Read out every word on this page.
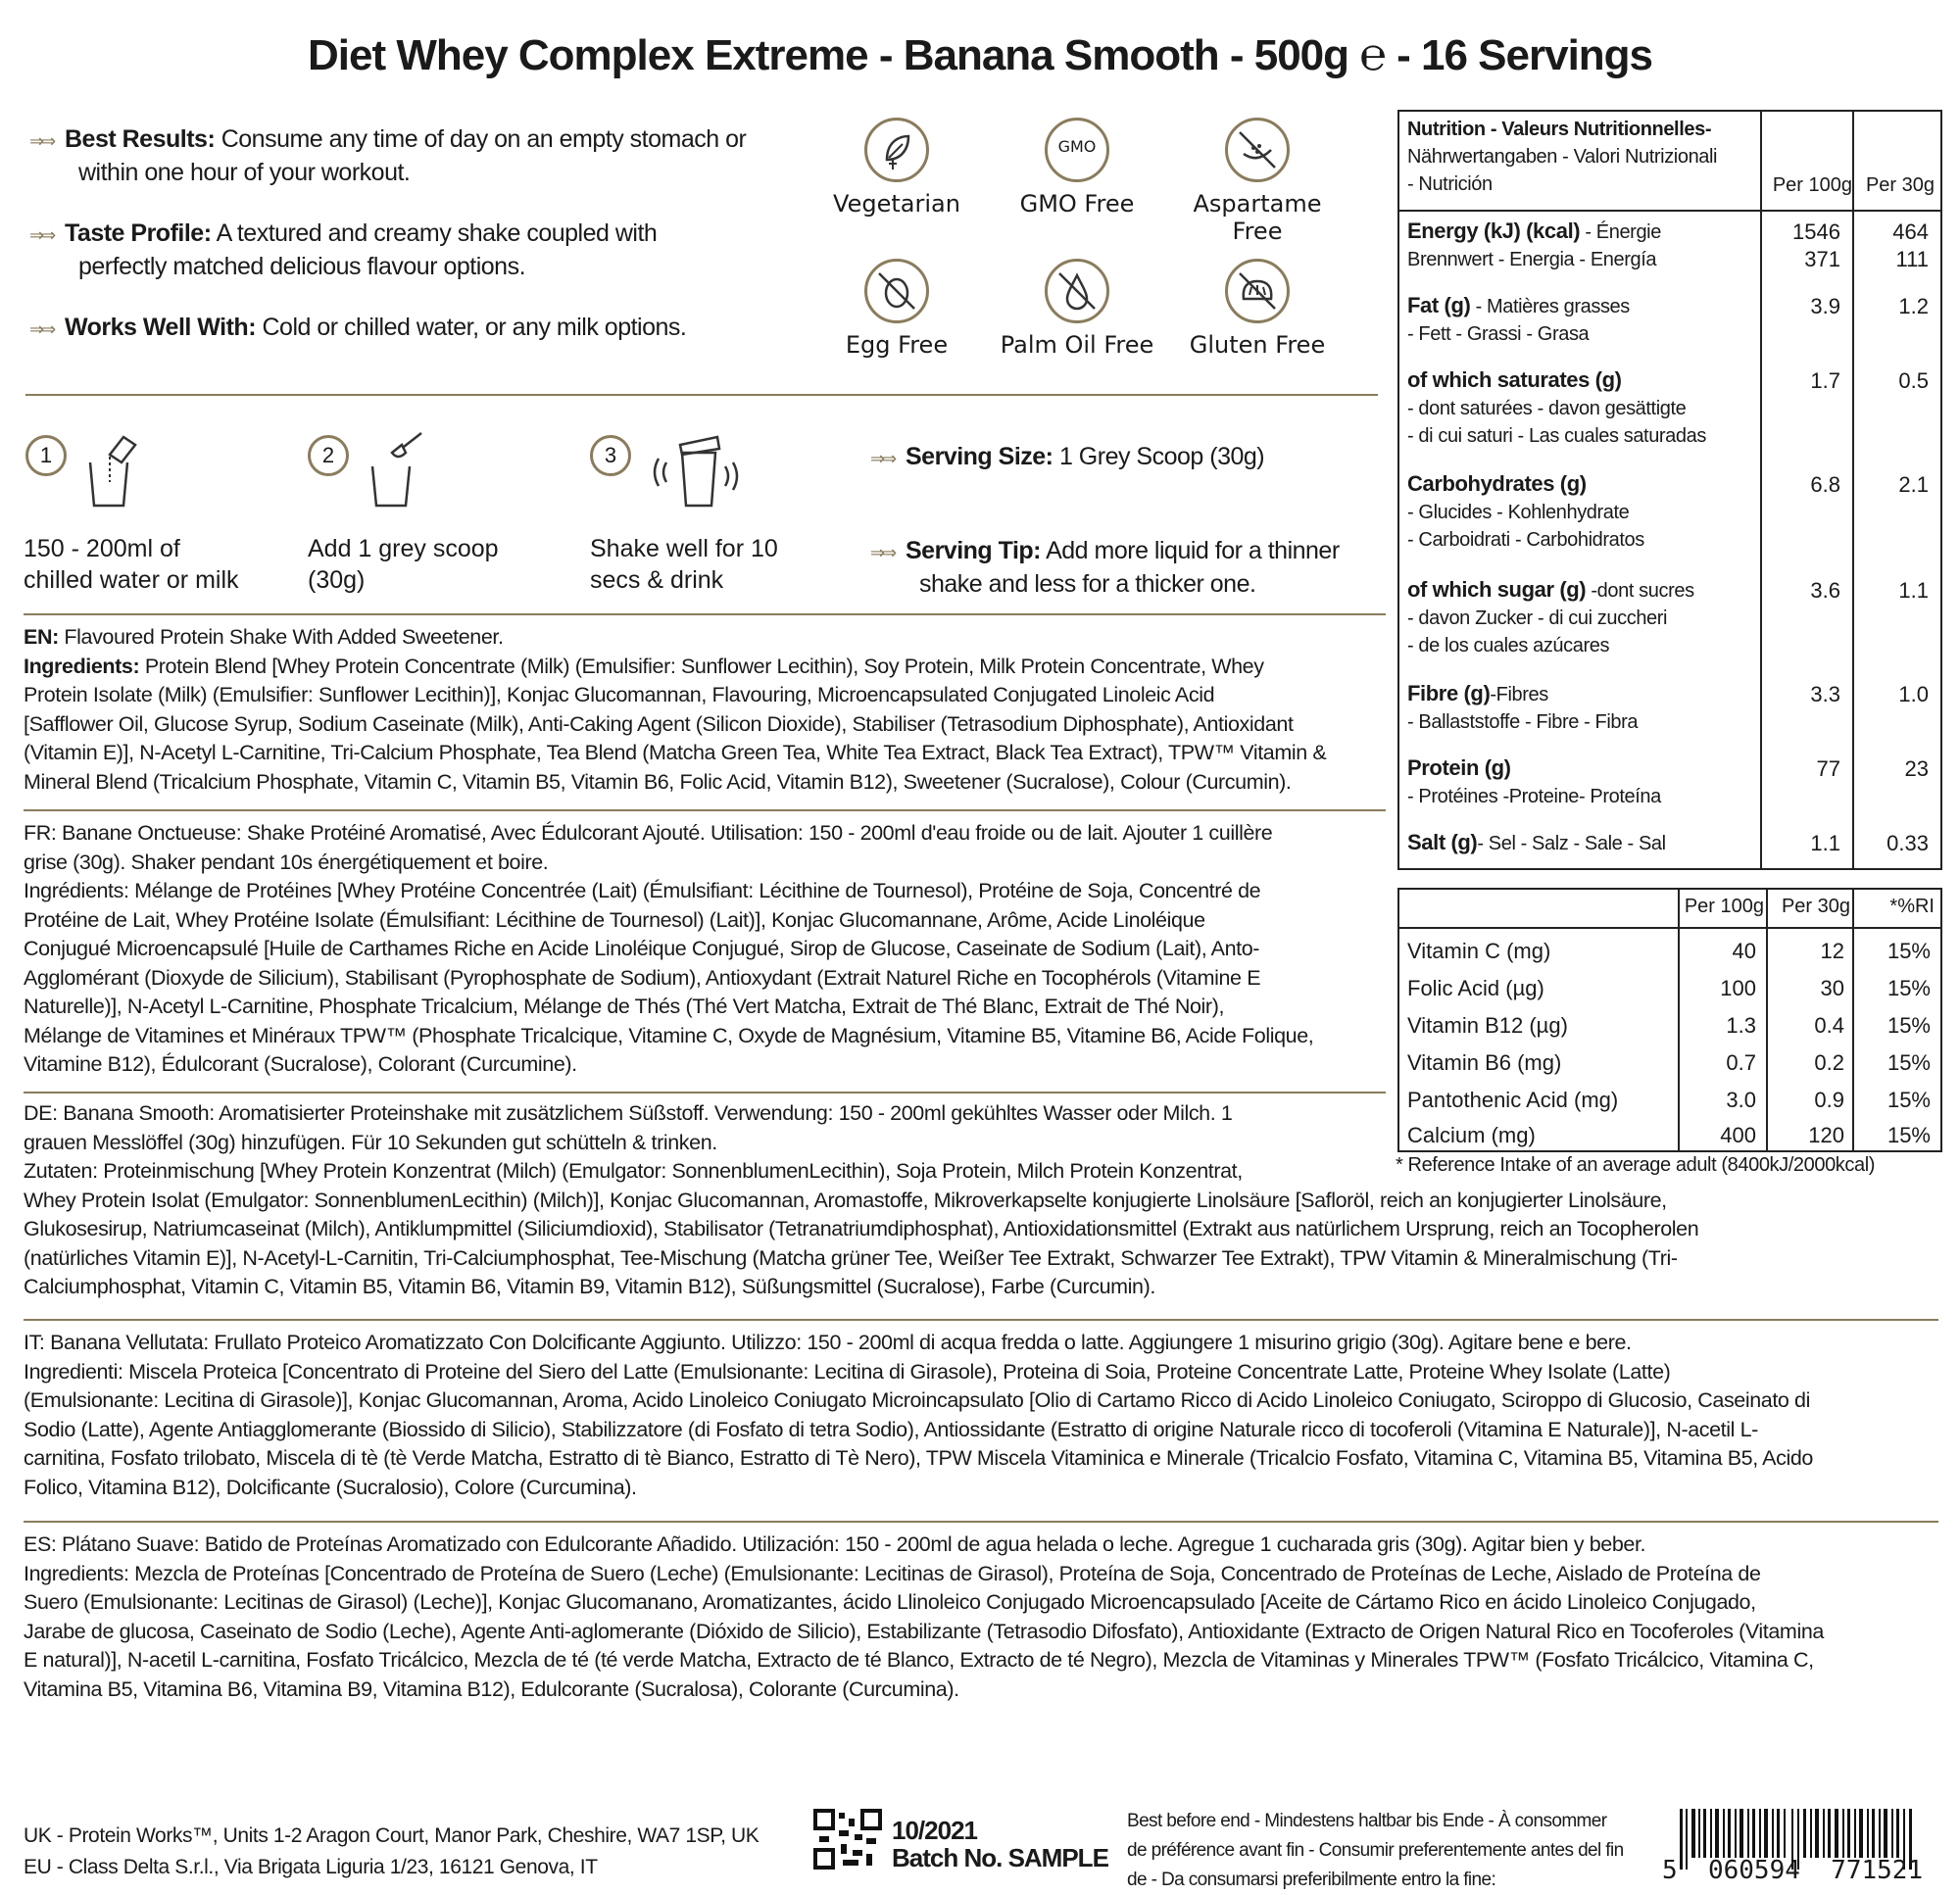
Diet Whey Complex Extreme - Banana Smooth - 500g ℮ - 16 Servings
⇒⇒ Best Results: Consume any time of day on an empty stomach or
within one hour of your workout.
⇒⇒ Taste Profile: A textured and creamy shake coupled with
perfectly matched delicious flavour options.
⇒⇒ Works Well With: Cold or chilled water, or any milk options.
Vegetarian
GMO
GMO Free	Aspartame Free
Egg Free	Palm Oil Free	Gluten Free
1
150 - 200ml of
chilled water or milk
2
Add 1 grey scoop
(30g)
3
Shake well for 10
secs & drink
⇒⇒ Serving Size: 1 Grey Scoop (30g)
⇒⇒ Serving Tip: Add more liquid for a thinner
shake and less for a thicker one.
EN: Flavoured Protein Shake With Added Sweetener.
Ingredients: Protein Blend [Whey Protein Concentrate (Milk) (Emulsifier: Sunflower Lecithin), Soy Protein, Milk Protein Concentrate, Whey
Protein Isolate (Milk) (Emulsifier: Sunflower Lecithin)], Konjac Glucomannan, Flavouring, Microencapsulated Conjugated Linoleic Acid
[Safflower Oil, Glucose Syrup, Sodium Caseinate (Milk), Anti-Caking Agent (Silicon Dioxide), Stabiliser (Tetrasodium Diphosphate), Antioxidant
(Vitamin E)], N-Acetyl L-Carnitine, Tri-Calcium Phosphate, Tea Blend (Matcha Green Tea, White Tea Extract, Black Tea Extract), TPW™ Vitamin &
Mineral Blend (Tricalcium Phosphate, Vitamin C, Vitamin B5, Vitamin B6, Folic Acid, Vitamin B12), Sweetener (Sucralose), Colour (Curcumin).
FR: Banane Onctueuse: Shake Protéiné Aromatisé, Avec Édulcorant Ajouté. Utilisation: 150 - 200ml d'eau froide ou de lait. Ajouter 1 cuillère
grise (30g). Shaker pendant 10s énergétiquement et boire.
Ingrédients: Mélange de Protéines [Whey Protéine Concentrée (Lait) (Émulsifiant: Lécithine de Tournesol), Protéine de Soja, Concentré de
Protéine de Lait, Whey Protéine Isolate (Émulsifiant: Lécithine de Tournesol) (Lait)], Konjac Glucomannane, Arôme, Acide Linoléique
Conjugué Microencapsulé [Huile de Carthames Riche en Acide Linoléique Conjugué, Sirop de Glucose, Caseinate de Sodium (Lait), Anto-
Agglomérant (Dioxyde de Silicium), Stabilisant (Pyrophosphate de Sodium), Antioxydant (Extrait Naturel Riche en Tocophérols (Vitamine E
Naturelle)], N-Acetyl L-Carnitine, Phosphate Tricalcium, Mélange de Thés (Thé Vert Matcha, Extrait de Thé Blanc, Extrait de Thé Noir),
Mélange de Vitamines et Minéraux TPW™ (Phosphate Tricalcique, Vitamine C, Oxyde de Magnésium, Vitamine B5, Vitamine B6, Acide Folique,
Vitamine B12), Édulcorant (Sucralose), Colorant (Curcumine).
DE: Banana Smooth: Aromatisierter Proteinshake mit zusätzlichem Süßstoff. Verwendung: 150 - 200ml gekühltes Wasser oder Milch. 1
grauen Messlöffel (30g) hinzufügen. Für 10 Sekunden gut schütteln & trinken.
Zutaten: Proteinmischung [Whey Protein Konzentrat (Milch) (Emulgator: SonnenblumenLecithin), Soja Protein, Milch Protein Konzentrat,
Whey Protein Isolat (Emulgator: SonnenblumenLecithin) (Milch)], Konjac Glucomannan, Aromastoffe, Mikroverkapselte konjugierte Linolsäure [Safloröl, reich an konjugierter Linolsäure,
Glukosesirup, Natriumcaseinat (Milch), Antiklumpmittel (Siliciumdioxid), Stabilisator (Tetranatriumdiphosphat), Antioxidationsmittel (Extrakt aus natürlichem Ursprung, reich an Tocopherolen
(natürliches Vitamin E)], N-Acetyl-L-Carnitin, Tri-Calciumphosphat, Tee-Mischung (Matcha grüner Tee, Weißer Tee Extrakt, Schwarzer Tee Extrakt), TPW Vitamin & Mineralmischung (Tri-
Calciumphosphat, Vitamin C, Vitamin B5, Vitamin B6, Vitamin B9, Vitamin B12), Süßungsmittel (Sucralose), Farbe (Curcumin).
IT: Banana Vellutata: Frullato Proteico Aromatizzato Con Dolcificante Aggiunto. Utilizzo: 150 - 200ml di acqua fredda o latte. Aggiungere 1 misurino grigio (30g). Agitare bene e bere.
Ingredienti: Miscela Proteica [Concentrato di Proteine del Siero del Latte (Emulsionante: Lecitina di Girasole), Proteina di Soia, Proteine Concentrate Latte, Proteine Whey Isolate (Latte)
(Emulsionante: Lecitina di Girasole)], Konjac Glucomannan, Aroma, Acido Linoleico Coniugato Microincapsulato [Olio di Cartamo Ricco di Acido Linoleico Coniugato, Sciroppo di Glucosio, Caseinato di
Sodio (Latte), Agente Antiagglomerante (Biossido di Silicio), Stabilizzatore (di Fosfato di tetra Sodio), Antiossidante (Estratto di origine Naturale ricco di tocoferoli (Vitamina E Naturale)], N-acetil L-
carnitina, Fosfato trilobato, Miscela di tè (tè Verde Matcha, Estratto di tè Bianco, Estratto di Tè Nero), TPW Miscela Vitaminica e Minerale (Tricalcio Fosfato, Vitamina C, Vitamina B5, Vitamina B5, Acido
Folico, Vitamina B12), Dolcificante (Sucralosio), Colore (Curcumina).
ES: Plátano Suave: Batido de Proteínas Aromatizado con Edulcorante Añadido. Utilización: 150 - 200ml de agua helada o leche. Agregue 1 cucharada gris (30g). Agitar bien y beber.
Ingredients: Mezcla de Proteínas [Concentrado de Proteína de Suero (Leche) (Emulsionante: Lecitinas de Girasol), Proteína de Soja, Concentrado de Proteínas de Leche, Aislado de Proteína de
Suero (Emulsionante: Lecitinas de Girasol) (Leche)], Konjac Glucomanano, Aromatizantes, ácido Llinoleico Conjugado Microencapsulado [Aceite de Cártamo Rico en ácido Linoleico Conjugado,
Jarabe de glucosa, Caseinato de Sodio (Leche), Agente Anti-aglomerante (Dióxido de Silicio), Estabilizante (Tetrasodio Difosfato), Antioxidante (Extracto de Origen Natural Rico en Tocoferoles (Vitamina
E natural)], N-acetil L-carnitina, Fosfato Tricálcico, Mezcla de té (té verde Matcha, Extracto de té Blanco, Extracto de té Negro), Mezcla de Vitaminas y Minerales TPW™ (Fosfato Tricálcico, Vitamina C,
Vitamina B5, Vitamina B6, Vitamina B9, Vitamina B12), Edulcorante (Sucralosa), Colorante (Curcumina).
Nutrition - Valeurs Nutritionnelles-
Nährwertangaben - Valori Nutrizionali
- Nutrición	Per 100g Per 30g
Energy (kJ) (kcal) - Énergie
Brennwert - Energia - Energía
1546	464
371	111
Fat (g) - Matières grasses
- Fett - Grassi - Grasa
3.9	1.2
of which saturates (g)
- dont saturées - davon gesättigte
- di cui saturi - Las cuales saturadas
1.7	0.5
Carbohydrates (g)
- Glucides - Kohlenhydrate
- Carboidrati - Carbohidratos
6.8	2.1
of which sugar (g) -dont sucres
- davon Zucker - di cui zuccheri
- de los cuales azúcares
3.6	1.1
Fibre (g)-Fibres
- Ballaststoffe - Fibre - Fibra
3.3	1.0
Protein (g)
- Protéines -Proteine- Proteína
77	23
Salt (g)- Sel - Salz - Sale - Sal	1.1	0.33
Per 100g Per 30g	*%RI
Vitamin C (mg)	40	12	15%
Folic Acid (µg)	100	30	15%
Vitamin B12 (µg)	1.3	0.4	15%
Vitamin B6 (mg)	0.7	0.2	15%
Pantothenic Acid (mg)	3.0	0.9	15%
Calcium (mg)	400	120	15%
* Reference Intake of an average adult (8400kJ/2000kcal)
UK - Protein Works™, Units 1-2 Aragon Court, Manor Park, Cheshire, WA7 1SP, UK
EU - Class Delta S.r.l., Via Brigata Liguria 1/23, 16121 Genova, IT
10/2021
Batch No. SAMPLE
Best before end - Mindestens haltbar bis Ende - À consommer
de préférence avant fin - Consumir preferentemente antes del fin
de - Da consumarsi preferibilmente entro la fine:	5  060594  771521
